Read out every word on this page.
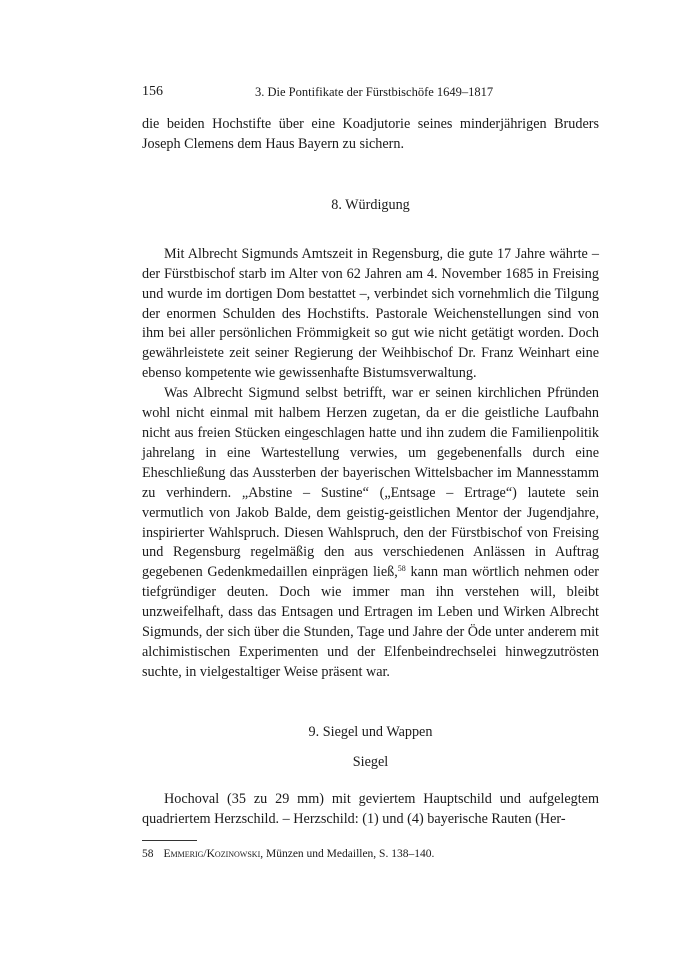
156	3. Die Pontifikate der Fürstbischöfe 1649–1817

die beiden Hochstifte über eine Koadjutorie seines minderjährigen Bruders Joseph Clemens dem Haus Bayern zu sichern.

8. Würdigung

Mit Albrecht Sigmunds Amtszeit in Regensburg, die gute 17 Jahre währte – der Fürstbischof starb im Alter von 62 Jahren am 4. November 1685 in Freising und wurde im dortigen Dom bestattet –, verbindet sich vornehmlich die Tilgung der enormen Schulden des Hochstifts. Pastorale Weichenstellungen sind von ihm bei aller persönlichen Frömmigkeit so gut wie nicht getätigt worden. Doch gewährleistete zeit seiner Regierung der Weihbischof Dr. Franz Weinhart eine ebenso kompetente wie gewissenhafte Bistumsverwaltung.

Was Albrecht Sigmund selbst betrifft, war er seinen kirchlichen Pfründen wohl nicht einmal mit halbem Herzen zugetan, da er die geistliche Laufbahn nicht aus freien Stücken eingeschlagen hatte und ihn zudem die Familienpolitik jahrelang in eine Wartestellung verwies, um gegebenenfalls durch eine Eheschließung das Aussterben der bayerischen Wittelsbacher im Mannesstamm zu verhindern. „Abstine – Sustine“ („Entsage – Ertrage“) lautete sein vermutlich von Jakob Balde, dem geistig-geistlichen Mentor der Jugendjahre, inspirierter Wahlspruch. Diesen Wahlspruch, den der Fürstbischof von Freising und Regensburg regelmäßig den aus verschiedenen Anlässen in Auftrag gegebenen Gedenkmedaillen einprägen ließ,$^{58}$ kann man wörtlich nehmen oder tiefgründiger deuten. Doch wie immer man ihn verstehen will, bleibt unzweifelhaft, dass das Entsagen und Ertragen im Leben und Wirken Albrecht Sigmunds, der sich über die Stunden, Tage und Jahre der Öde unter anderem mit alchimistischen Experimenten und der Elfenbeindrechselei hinwegzutrösten suchte, in vielgestaltiger Weise präsent war.

9. Siegel und Wappen
Siegel

Hochoval (35 zu 29 mm) mit geviertem Hauptschild und aufgelegtem quadriertem Herzschild. – Herzschild: (1) und (4) bayerische Rauten (Her-

58 Emmerig/Kozinowski, Münzen und Medaillen, S. 138–140.
